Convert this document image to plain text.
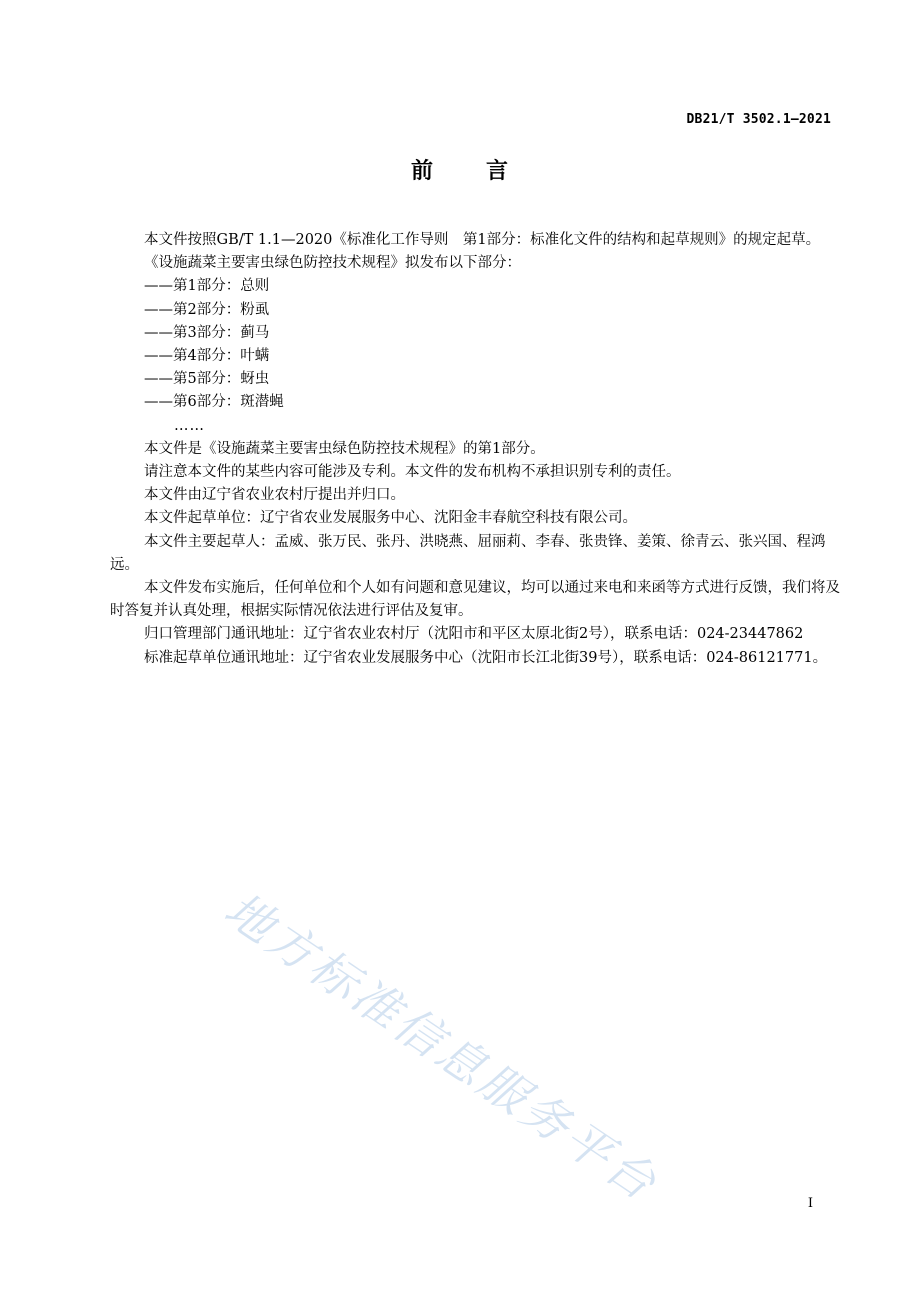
DB21/T 3502.1—2021
前 言

本文件按照GB/T 1.1—2020《标准化工作导则　第1部分：标准化文件的结构和起草规则》的规定起草。

《设施蔬菜主要害虫绿色防控技术规程》拟发布以下部分：

——第1部分：总则

——第2部分：粉虱

——第3部分：蓟马

——第4部分：叶螨

——第5部分：蚜虫

——第6部分：斑潜蝇

……

本文件是《设施蔬菜主要害虫绿色防控技术规程》的第1部分。

请注意本文件的某些内容可能涉及专利。本文件的发布机构不承担识别专利的责任。

本文件由辽宁省农业农村厅提出并归口。

本文件起草单位：辽宁省农业发展服务中心、沈阳金丰春航空科技有限公司。

本文件主要起草人：孟威、张万民、张丹、洪晓燕、屈丽莉、李春、张贵锋、姜策、徐青云、张兴国、程鸿远。

本文件发布实施后，任何单位和个人如有问题和意见建议，均可以通过来电和来函等方式进行反馈，我们将及时答复并认真处理，根据实际情况依法进行评估及复审。

归口管理部门通讯地址：辽宁省农业农村厅（沈阳市和平区太原北街2号），联系电话：024-23447862

标准起草单位通讯地址：辽宁省农业发展服务中心（沈阳市长江北街39号），联系电话：024-86121771。

地方标准信息服务平台	I
